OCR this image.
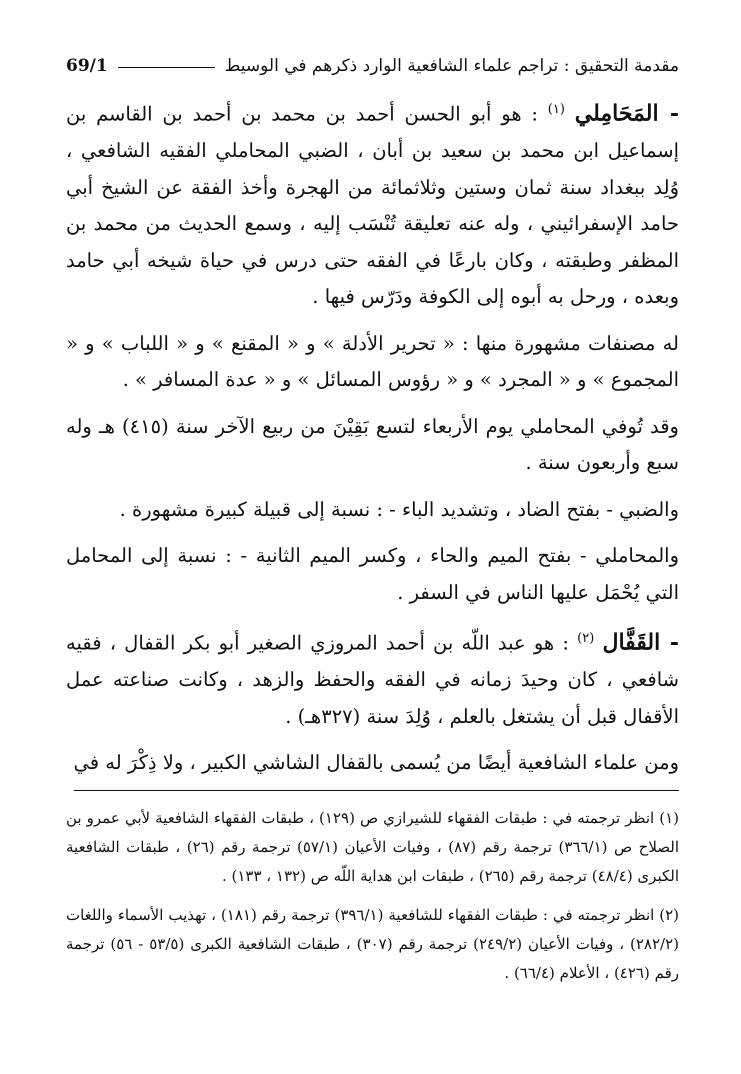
69/1	مقدمة التحقيق : تراجم علماء الشافعية الوارد ذكرهم في الوسيط

- المَحَامِلي $^{(١)}$ : هو أبو الحسن أحمد بن محمد بن أحمد بن القاسم بن إسماعيل ابن محمد بن سعيد بن أبان ، الضبي المحاملي الفقيه الشافعي ، وُلِد ببغداد سنة ثمان وستين وثلاثمائة من الهجرة وأخذ الفقة عن الشيخ أبي حامد الإسفرائيني ، وله عنه تعليقة تُنْسَب إليه ، وسمع الحديث من محمد بن المظفر وطبقته ، وكان بارعًا في الفقه حتى درس في حياة شيخه أبي حامد وبعده ، ورحل به أبوه إلى الكوفة ودَرّس فيها .

له مصنفات مشهورة منها : « تحرير الأدلة » و « المقنع » و « اللباب » و « المجموع » و « المجرد » و « رؤوس المسائل » و « عدة المسافر » .

وقد تُوفي المحاملي يوم الأربعاء لتسع بَقِيْنَ من ربيع الآخر سنة (٤١٥) هـ وله سبع وأربعون سنة .

والضبي - بفتح الضاد ، وتشديد الباء - : نسبة إلى قبيلة كبيرة مشهورة .

والمحاملي - بفتح الميم والحاء ، وكسر الميم الثانية - : نسبة إلى المحامل التي يُحْمَل عليها الناس في السفر .

- القَفَّال $^{(٢)}$ : هو عبد اللّه بن أحمد المروزي الصغير أبو بكر القفال ، فقيه شافعي ، كان وحيدَ زمانه في الفقه والحفظ والزهد ، وكانت صناعته عمل الأقفال قبل أن يشتغل بالعلم ، وُلِدَ سنة (٣٢٧هـ) .

ومن علماء الشافعية أيضًا من يُسمى بالقفال الشاشي الكبير ، ولا ذِكْرَ له في

(١) انظر ترجمته في : طبقات الفقهاء للشيرازي ص (١٢٩) ، طبقات الفقهاء الشافعية لأبي عمرو بن الصلاح ص (٣٦٦/١) ترجمة رقم (٨٧) ، وفيات الأعيان (٥٧/١) ترجمة رقم (٢٦) ، طبقات الشافعية الكبرى (٤٨/٤) ترجمة رقم (٢٦٥) ، طبقات ابن هداية اللّه ص (١٣٢ ، ١٣٣) .

(٢) انظر ترجمته في : طبقات الفقهاء للشافعية (٣٩٦/١) ترجمة رقم (١٨١) ، تهذيب الأسماء واللغات (٢٨٢/٢) ، وفيات الأعيان (٢٤٩/٢) ترجمة رقم (٣٠٧) ، طبقات الشافعية الكبرى (٥٣/٥ - ٥٦) ترجمة رقم (٤٢٦) ، الأعلام (٦٦/٤) .
